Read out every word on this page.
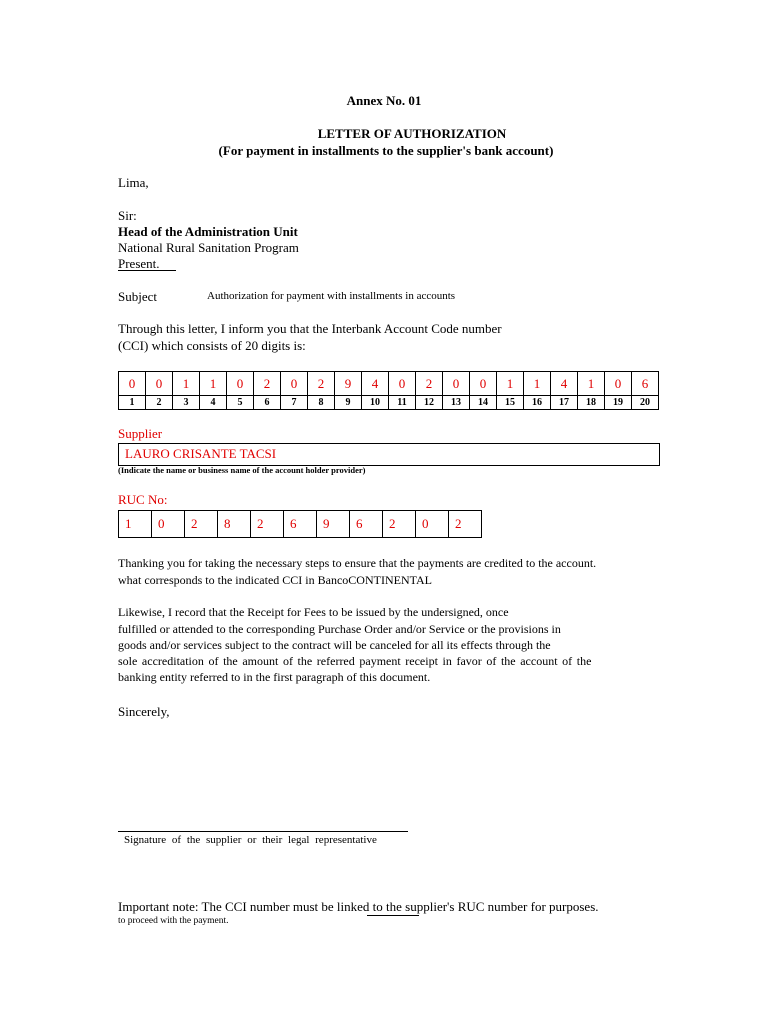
Annex No. 01
LETTER OF AUTHORIZATION
(For payment in installments to the supplier's bank account)
Lima,
Sir:
Head of the Administration Unit
National Rural Sanitation Program
Present.
Subject	Authorization for payment with installments in accounts
Through this letter, I inform you that the Interbank Account Code number
(CCI) which consists of 20 digits is:
0	0	1	1	0	2	0	2	9	4	0	2	0	0	1	1	4	1	0	6
1	2	3	4	5	6	7	8	9	10	11	12	13	14	15	16	17	18	19	20
Supplier
LAURO CRISANTE TACSI
(Indicate the name or business name of the account holder provider)
RUC No:
1	0	2	8	2	6	9	6	2	0	2
Thanking you for taking the necessary steps to ensure that the payments are credited to the account.
what corresponds to the indicated CCI in BancoCONTINENTAL
Likewise, I record that the Receipt for Fees to be issued by the undersigned, once
fulfilled or attended to the corresponding Purchase Order and/or Service or the provisions in
goods and/or services subject to the contract will be canceled for all its effects through the
sole accreditation of the amount of the referred payment receipt in favor of the account of the
banking entity referred to in the first paragraph of this document.
Sincerely,
Signature of the supplier or their legal representative
Important note: The CCI number must be linked to the supplier's RUC number for purposes.
to proceed with the payment.
